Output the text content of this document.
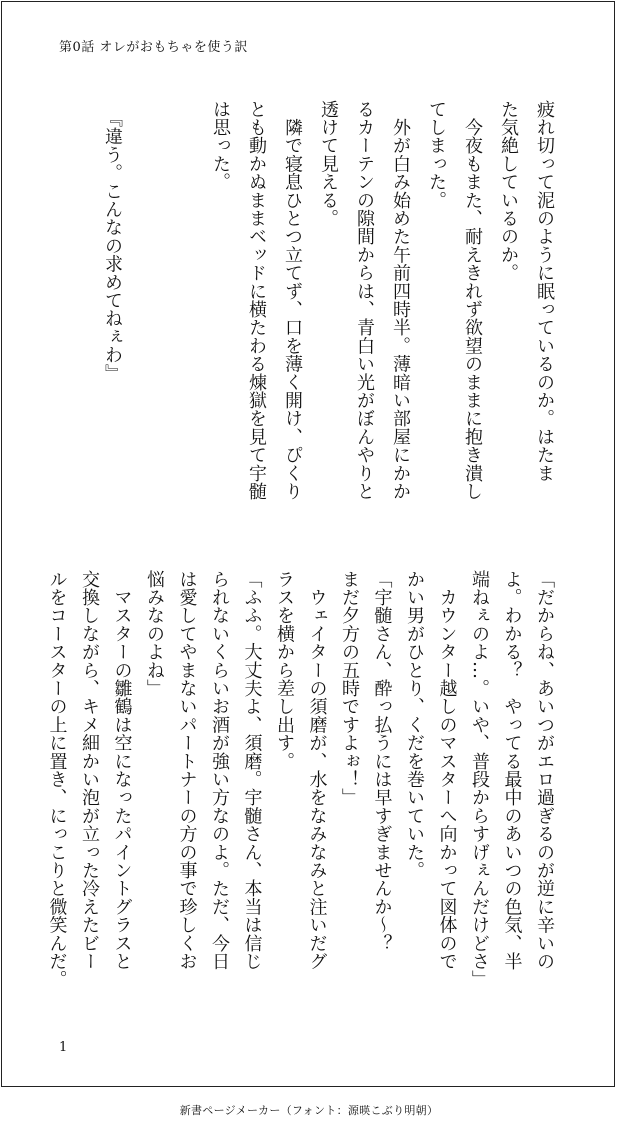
第0話 オレがおもちゃを使う訳
疲れ切って泥のように眠っているのか。はたま
た気絶しているのか。
　今夜もまた、耐えきれず欲望のままに抱き潰し
てしまった。
　外が白み始めた午前四時半。薄暗い部屋にかか
るカーテンの隙間からは、青白い光がぼんやりと
透けて見える。
　隣で寝息ひとつ立てず、口を薄く開け、ぴくり
とも動かぬままベッドに横たわる煉獄を見て宇髄
は思った。
　『違う。こんなの求めてねぇわ』
「だからね、あいつがエロ過ぎるのが逆に辛いの
よ。わかる？　やってる最中のあいつの色気、半
端ねぇのよ…。いや、普段からすげぇんだけどさ」
　カウンター越しのマスターへ向かって図体ので
かい男がひとり、くだを巻いていた。
「宇髄さん、酔っ払うには早すぎませんか〜？
まだ夕方の五時ですよぉ！」
　ウェイターの須磨が、水をなみなみと注いだグ
ラスを横から差し出す。
「ふふ。大丈夫よ、須磨。宇髄さん、本当は信じ
られないくらいお酒が強い方なのよ。ただ、今日
は愛してやまないパートナーの方の事で珍しくお
悩みなのよね」
　マスターの雛鶴は空になったパイントグラスと
交換しながら、キメ細かい泡が立った冷えたビー
ルをコースターの上に置き、にっこりと微笑んだ。
1
新書ページメーカー（フォント：源暎こぶり明朝）
